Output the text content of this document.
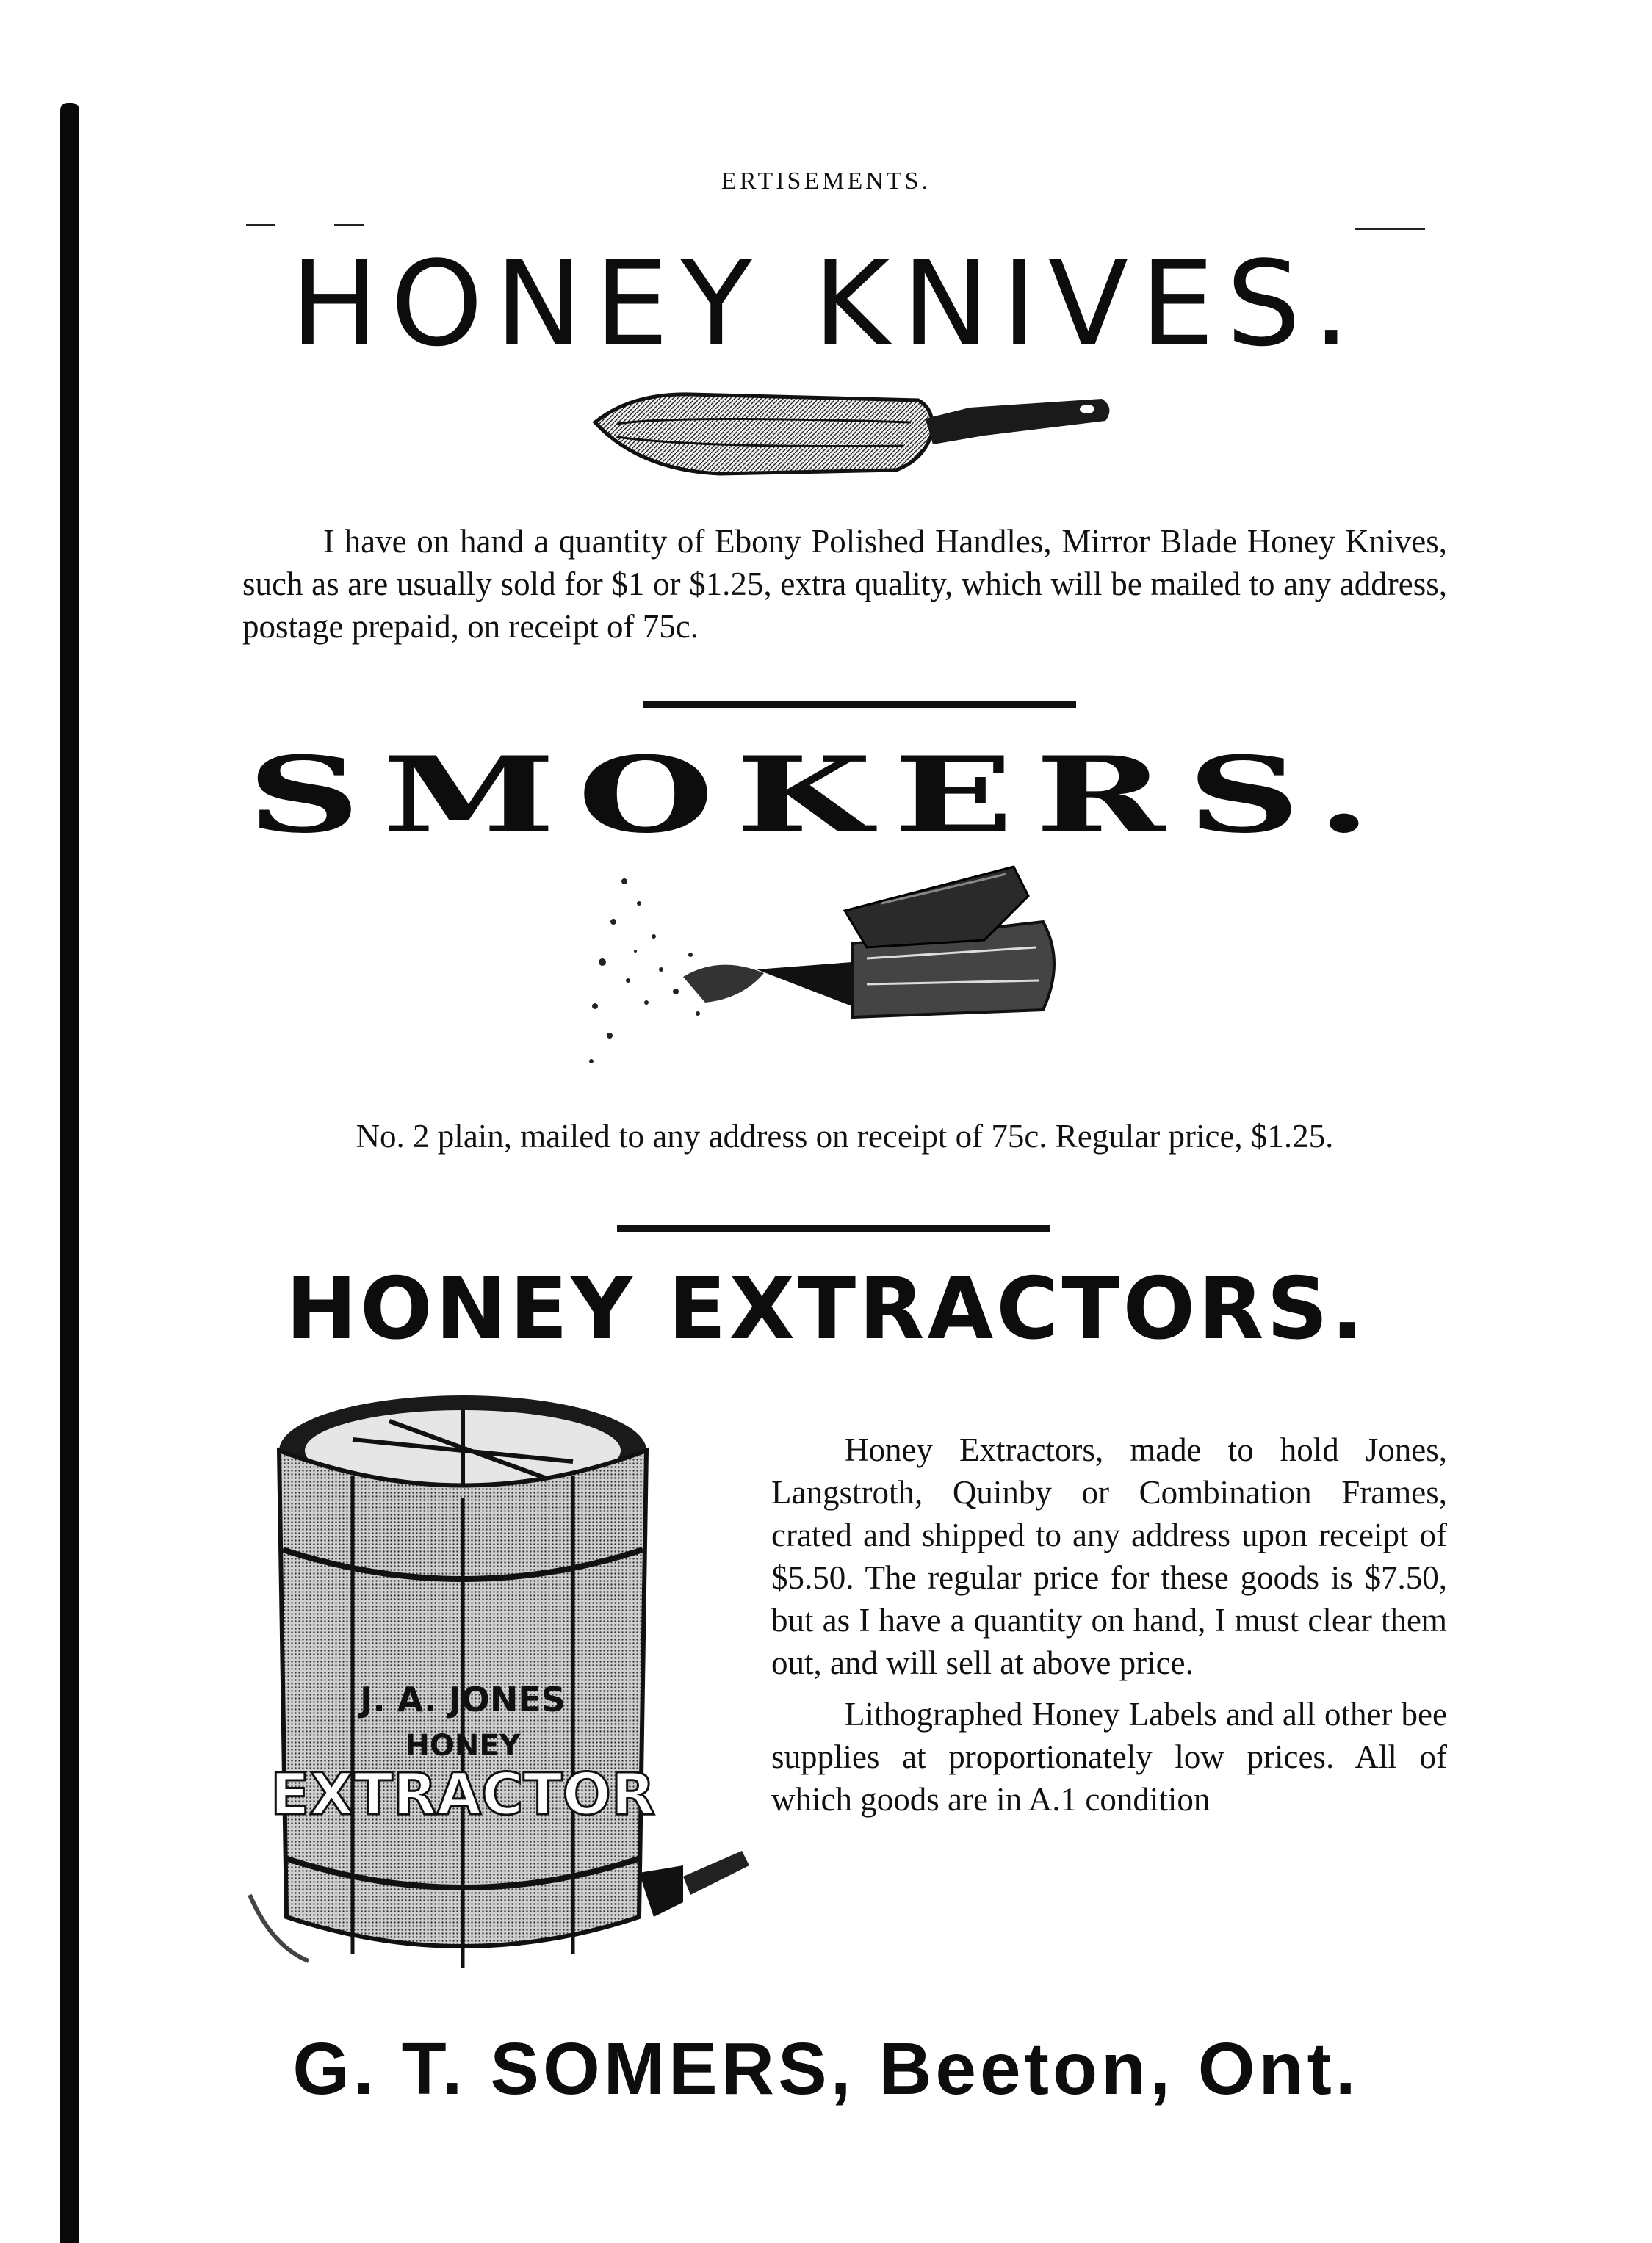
ERTISEMENTS.
HONEY KNIVES.
I have on hand a quantity of Ebony Polished Handles, Mirror Blade Honey Knives, such as are usually sold for $1 or $1.25, extra quality, which will be mailed to any address, postage prepaid, on receipt of 75c.
SMOKERS.
No. 2 plain, mailed to any address on receipt of 75c. Regular price, $1.25.
HONEY EXTRACTORS.
J. A. JONES
HONEY
EXTRACTOR
Honey Extractors, made to hold Jones, Langstroth, Quinby or Combination Frames, crated and shipped to any address upon receipt of $5.50. The regular price for these goods is $7.50, but as I have a quantity on hand, I must clear them out, and will sell at above price.
Lithographed Honey Labels and all other bee supplies at proportionately low prices. All of which goods are in A.1 condition
G. T. SOMERS, Beeton, Ont.
